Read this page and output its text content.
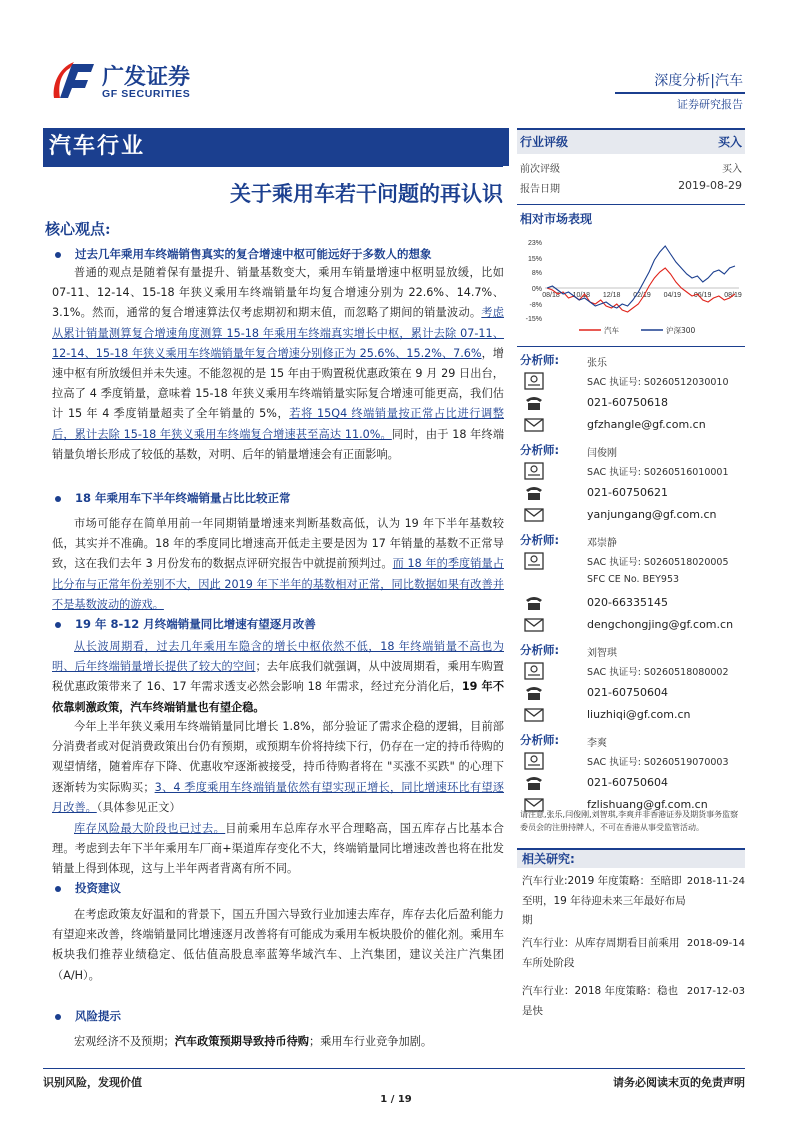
广发证券
GF SECURITIES
深度分析|汽车
证券研究报告
汽车行业
关于乘用车若干问题的再认识
核心观点:
过去几年乘用车终端销售真实的复合增速中枢可能远好于多数人的想象
普通的观点是随着保有量提升、销量基数变大，乘用车销量增速中枢明显放缓，比如 07-11、12-14、15-18 年狭义乘用车终端销量年均复合增速分别为 22.6%、14.7%、3.1%。然而，通常的复合增速算法仅考虑期初和期末值，而忽略了期间的销量波动。考虑从累计销量测算复合增速角度测算 15-18 年乘用车终端真实增长中枢，累计去除 07-11、12-14、15-18 年狭义乘用车终端销量年复合增速分别修正为 25.6%、15.2%、7.6%，增速中枢有所放缓但并未失速。不能忽视的是 15 年由于购置税优惠政策在 9 月 29 日出台，拉高了 4 季度销量，意味着 15-18 年狭义乘用车终端销量实际复合增速可能更高，我们估计 15 年 4 季度销量超卖了全年销量的 5%，若将 15Q4 终端销量按正常占比进行调整后，累计去除 15-18 年狭义乘用车终端复合增速甚至高达 11.0%。同时，由于 18 年终端销量负增长形成了较低的基数，对明、后年的销量增速会有正面影响。
18 年乘用车下半年终端销量占比比较正常
市场可能存在简单用前一年同期销量增速来判断基数高低，认为 19 年下半年基数较低，其实并不准确。18 年的季度同比增速高开低走主要是因为 17 年销量的基数不正常导致，这在我们去年 3 月份发布的数据点评研究报告中就提前预判过。而 18 年的季度销量占比分布与正常年份差别不大，因此 2019 年下半年的基数相对正常，同比数据如果有改善并不是基数波动的游戏。
19 年 8-12 月终端销量同比增速有望逐月改善
从长波周期看，过去几年乘用车隐含的增长中枢依然不低，18 年终端销量不高也为明、后年终端销量增长提供了较大的空间；去年底我们就强调，从中波周期看，乘用车购置税优惠政策带来了 16、17 年需求透支必然会影响 18 年需求，经过充分消化后，19 年不依靠刺激政策，汽车终端销量也有望企稳。
今年上半年狭义乘用车终端销量同比增长 1.8%，部分验证了需求企稳的逻辑，目前部分消费者或对促消费政策出台仍有预期，或预期车价将持续下行，仍存在一定的持币待购的观望情绪，随着库存下降、优惠收窄逐渐被接受，持币待购者将在 "买涨不买跌" 的心理下逐渐转为实际购买；3、4 季度乘用车终端销量依然有望实现正增长，同比增速环比有望逐月改善。（具体参见正文）
库存风险最大阶段也已过去。目前乘用车总库存水平合理略高，国五库存占比基本合理。考虑到去年下半年乘用车厂商+渠道库存变化不大，终端销量同比增速改善也将在批发销量上得到体现，这与上半年两者背离有所不同。
投资建议
在考虑政策友好温和的背景下，国五升国六导致行业加速去库存，库存去化后盈利能力有望迎来改善，终端销量同比增速逐月改善将有可能成为乘用车板块股价的催化剂。乘用车板块我们推荐业绩稳定、低估值高股息率蓝筹华域汽车、上汽集团，建议关注广汽集团（A/H）。
风险提示
宏观经济不及预期；汽车政策预期导致持币待购；乘用车行业竞争加剧。
行业评级	买入
前次评级	买入
报告日期	2019-08-29
相对市场表现
23%
15%
8%
0%
-8%
-15%
08/18 10/18 12/18 02/19 04/19 06/19 08/19
汽车	沪深300
分析师:	张乐
SAC 执证号: S0260512030010
021-60750618
gfzhangle@gf.com.cn
分析师:	闫俊刚
SAC 执证号: S0260516010001
021-60750621
yanjungang@gf.com.cn
分析师:	邓崇静
SAC 执证号: S0260518020005
SFC CE No. BEY953
020-66335145
dengchongjing@gf.com.cn
分析师:	刘智琪
SAC 执证号: S0260518080002
021-60750604
liuzhiqi@gf.com.cn
分析师:	李爽
SAC 执证号: S0260519070003
021-60750604
fzlishuang@gf.com.cn
请注意,张乐,闫俊刚,刘智琪,李爽并非香港证券及期货事务监察委员会的注册持牌人，不可在香港从事受监管活动。
相关研究:
汽车行业:2019 年度策略：至暗即至明，19 年待迎未来三年最好布局期
2018-11-24
汽车行业：从库存周期看目前乘用车所处阶段
2018-09-14
汽车行业：2018 年度策略：稳也是快
2017-12-03
识别风险，发现价值	请务必阅读末页的免责声明
1 / 19
